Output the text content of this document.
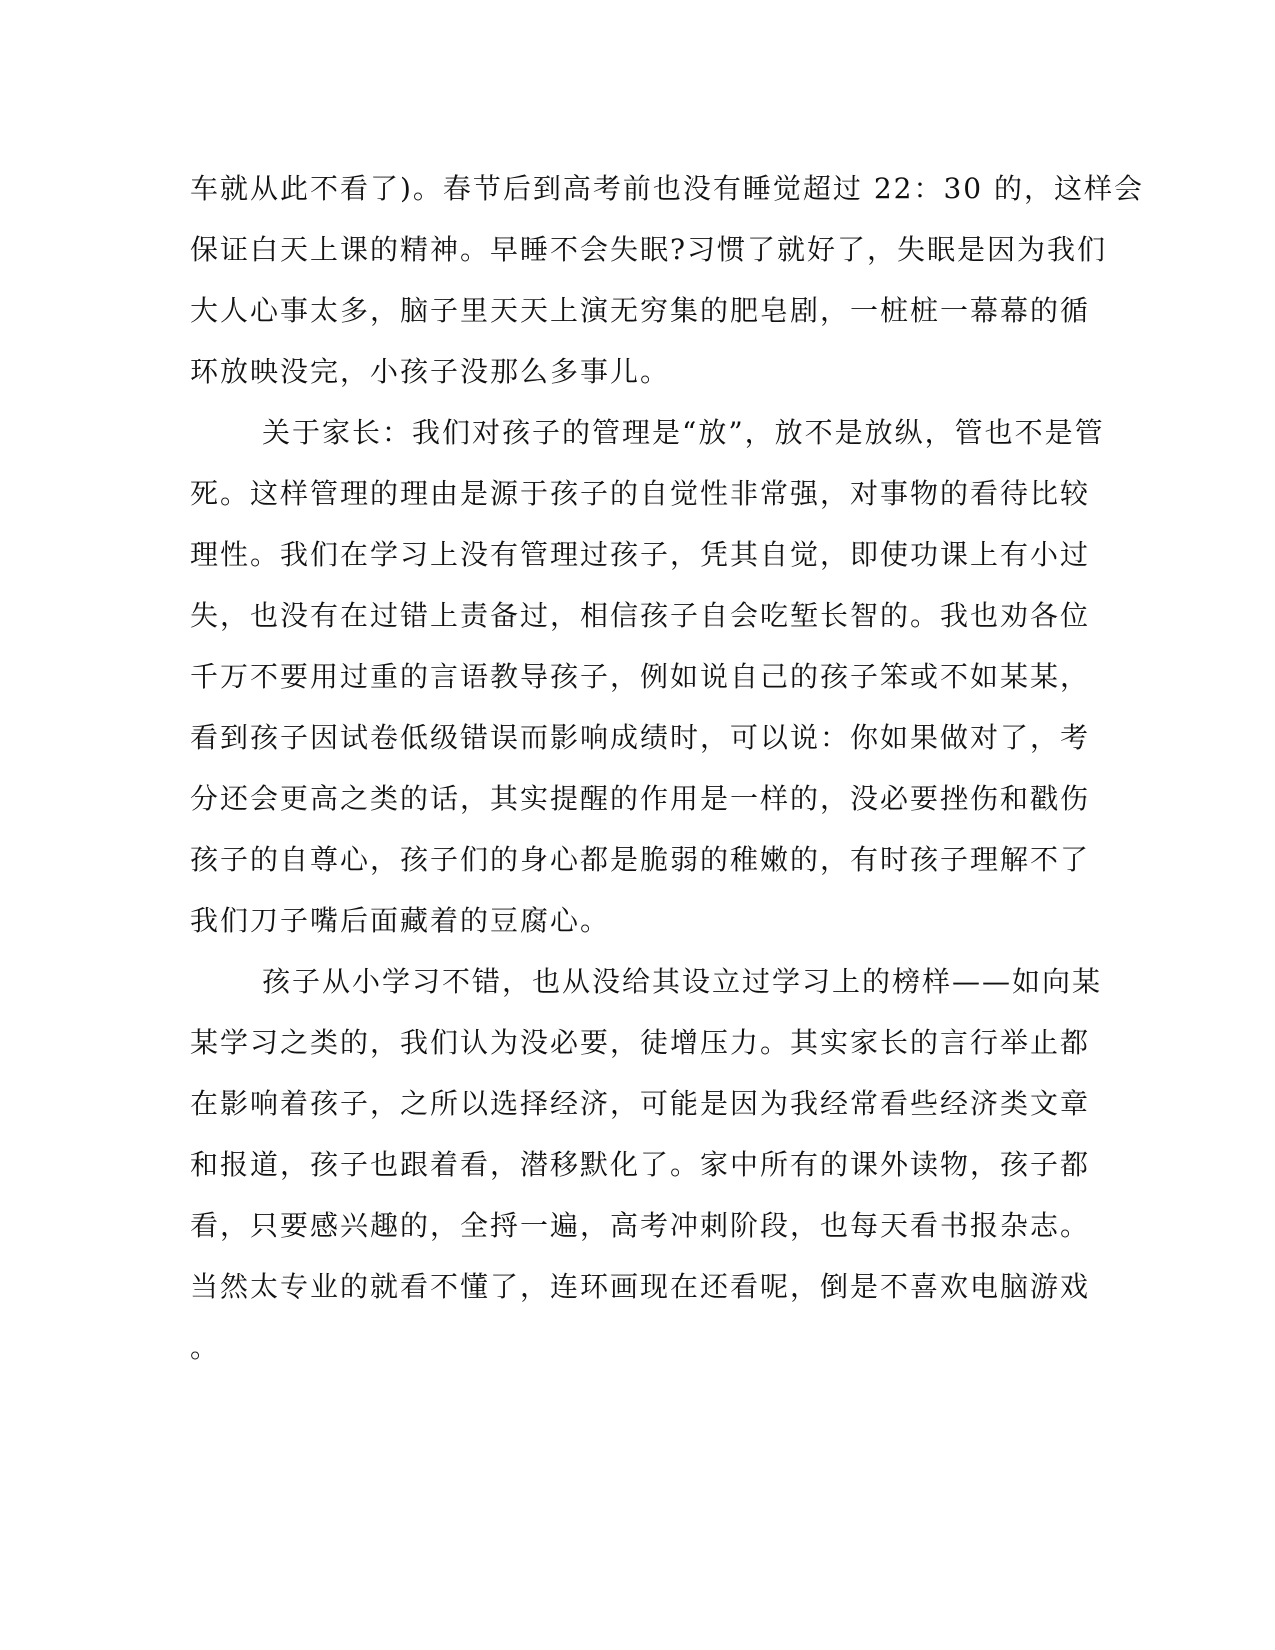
车就从此不看了)。春节后到高考前也没有睡觉超过 22：30 的，这样会
保证白天上课的精神。早睡不会失眠?习惯了就好了，失眠是因为我们
大人心事太多，脑子里天天上演无穷集的肥皂剧，一桩桩一幕幕的循
环放映没完，小孩子没那么多事儿。
关于家长：我们对孩子的管理是“放”，放不是放纵，管也不是管
死。这样管理的理由是源于孩子的自觉性非常强，对事物的看待比较
理性。我们在学习上没有管理过孩子，凭其自觉，即使功课上有小过
失，也没有在过错上责备过，相信孩子自会吃堑长智的。我也劝各位
千万不要用过重的言语教导孩子，例如说自己的孩子笨或不如某某，
看到孩子因试卷低级错误而影响成绩时，可以说：你如果做对了，考
分还会更高之类的话，其实提醒的作用是一样的，没必要挫伤和戳伤
孩子的自尊心，孩子们的身心都是脆弱的稚嫩的，有时孩子理解不了
我们刀子嘴后面藏着的豆腐心。
孩子从小学习不错，也从没给其设立过学习上的榜样——如向某
某学习之类的，我们认为没必要，徒增压力。其实家长的言行举止都
在影响着孩子，之所以选择经济，可能是因为我经常看些经济类文章
和报道，孩子也跟着看，潜移默化了。家中所有的课外读物，孩子都
看，只要感兴趣的，全捋一遍，高考冲刺阶段，也每天看书报杂志。
当然太专业的就看不懂了，连环画现在还看呢，倒是不喜欢电脑游戏
。
